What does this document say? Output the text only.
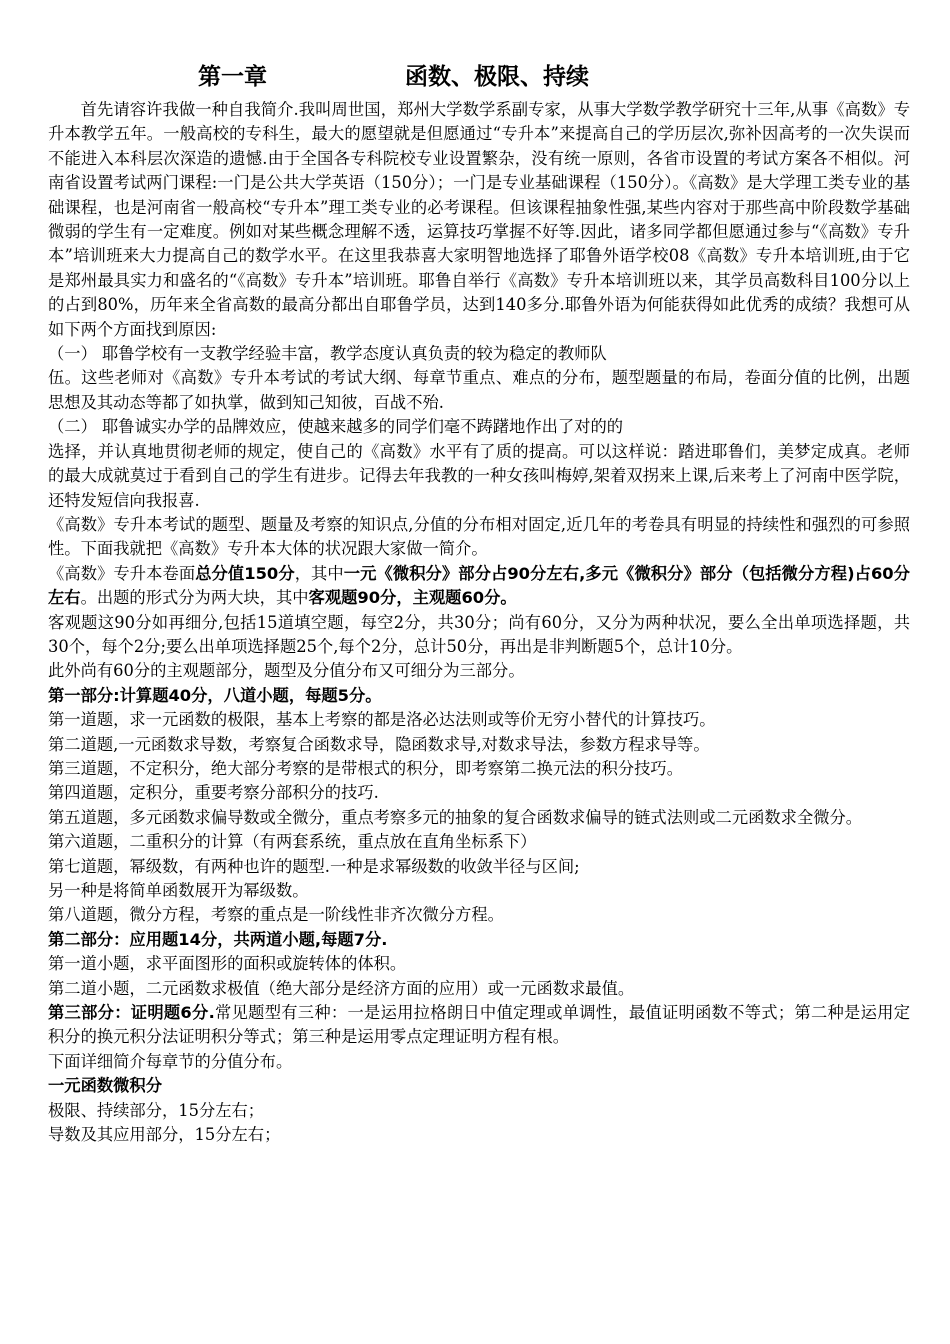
第一章	函数、极限、持续

首先请容许我做一种自我简介.我叫周世国，郑州大学数学系副专家，从事大学数学教学研究十三年,从事《高数》专升本教学五年。一般高校的专科生，最大的愿望就是但愿通过“专升本”来提高自己的学历层次,弥补因高考的一次失误而不能进入本科层次深造的遗憾.由于全国各专科院校专业设置繁杂，没有统一原则，各省市设置的考试方案各不相似。河南省设置考试两门课程:一门是公共大学英语（150分）；一门是专业基础课程（150分）。《高数》是大学理工类专业的基础课程，也是河南省一般高校“专升本”理工类专业的必考课程。但该课程抽象性强,某些内容对于那些高中阶段数学基础微弱的学生有一定难度。例如对某些概念理解不透，运算技巧掌握不好等.因此，诸多同学都但愿通过参与“《高数》专升本”培训班来大力提高自己的数学水平。在这里我恭喜大家明智地选择了耶鲁外语学校08《高数》专升本培训班,由于它是郑州最具实力和盛名的“《高数》专升本”培训班。耶鲁自举行《高数》专升本培训班以来，其学员高数科目100分以上的占到80%，历年来全省高数的最高分都出自耶鲁学员，达到140多分.耶鲁外语为何能获得如此优秀的成绩？我想可从如下两个方面找到原因:

（一） 耶鲁学校有一支教学经验丰富，教学态度认真负责的较为稳定的教师队

伍。这些老师对《高数》专升本考试的考试大纲、每章节重点、难点的分布，题型题量的布局，卷面分值的比例，出题思想及其动态等都了如执掌，做到知己知彼，百战不殆.

（二） 耶鲁诚实办学的品牌效应，使越来越多的同学们毫不踌躇地作出了对的的

选择，并认真地贯彻老师的规定，使自己的《高数》水平有了质的提高。可以这样说：踏进耶鲁们，美梦定成真。老师的最大成就莫过于看到自己的学生有进步。记得去年我教的一种女孩叫梅婷,架着双拐来上课,后来考上了河南中医学院，还特发短信向我报喜.

《高数》专升本考试的题型、题量及考察的知识点,分值的分布相对固定,近几年的考卷具有明显的持续性和强烈的可参照性。下面我就把《高数》专升本大体的状况跟大家做一简介。

《高数》专升本卷面总分值150分，其中一元《微积分》部分占90分左右,多元《微积分》部分（包括微分方程)占60分左右。出题的形式分为两大块，其中客观题90分，主观题60分。

客观题这90分如再细分,包括15道填空题，每空2分，共30分；尚有60分，又分为两种状况，要么全出单项选择题，共30个，每个2分;要么出单项选择题25个,每个2分，总计50分，再出是非判断题5个，总计10分。

此外尚有60分的主观题部分，题型及分值分布又可细分为三部分。

第一部分:计算题40分，八道小题，每题5分。

第一道题，求一元函数的极限，基本上考察的都是洛必达法则或等价无穷小替代的计算技巧。

第二道题,一元函数求导数，考察复合函数求导，隐函数求导,对数求导法，参数方程求导等。

第三道题，不定积分，绝大部分考察的是带根式的积分，即考察第二换元法的积分技巧。

第四道题，定积分，重要考察分部积分的技巧.

第五道题，多元函数求偏导数或全微分，重点考察多元的抽象的复合函数求偏导的链式法则或二元函数求全微分。

第六道题，二重积分的计算（有两套系统，重点放在直角坐标系下）

第七道题，幂级数，有两种也许的题型.一种是求幂级数的收敛半径与区间;

另一种是将简单函数展开为幂级数。

第八道题，微分方程，考察的重点是一阶线性非齐次微分方程。

第二部分：应用题14分，共两道小题,每题7分.

第一道小题，求平面图形的面积或旋转体的体积。

第二道小题，二元函数求极值（绝大部分是经济方面的应用）或一元函数求最值。

第三部分：证明题6分.常见题型有三种：一是运用拉格朗日中值定理或单调性，最值证明函数不等式；第二种是运用定积分的换元积分法证明积分等式；第三种是运用零点定理证明方程有根。

下面详细简介每章节的分值分布。

一元函数微积分

极限、持续部分，15分左右；

导数及其应用部分，15分左右；
